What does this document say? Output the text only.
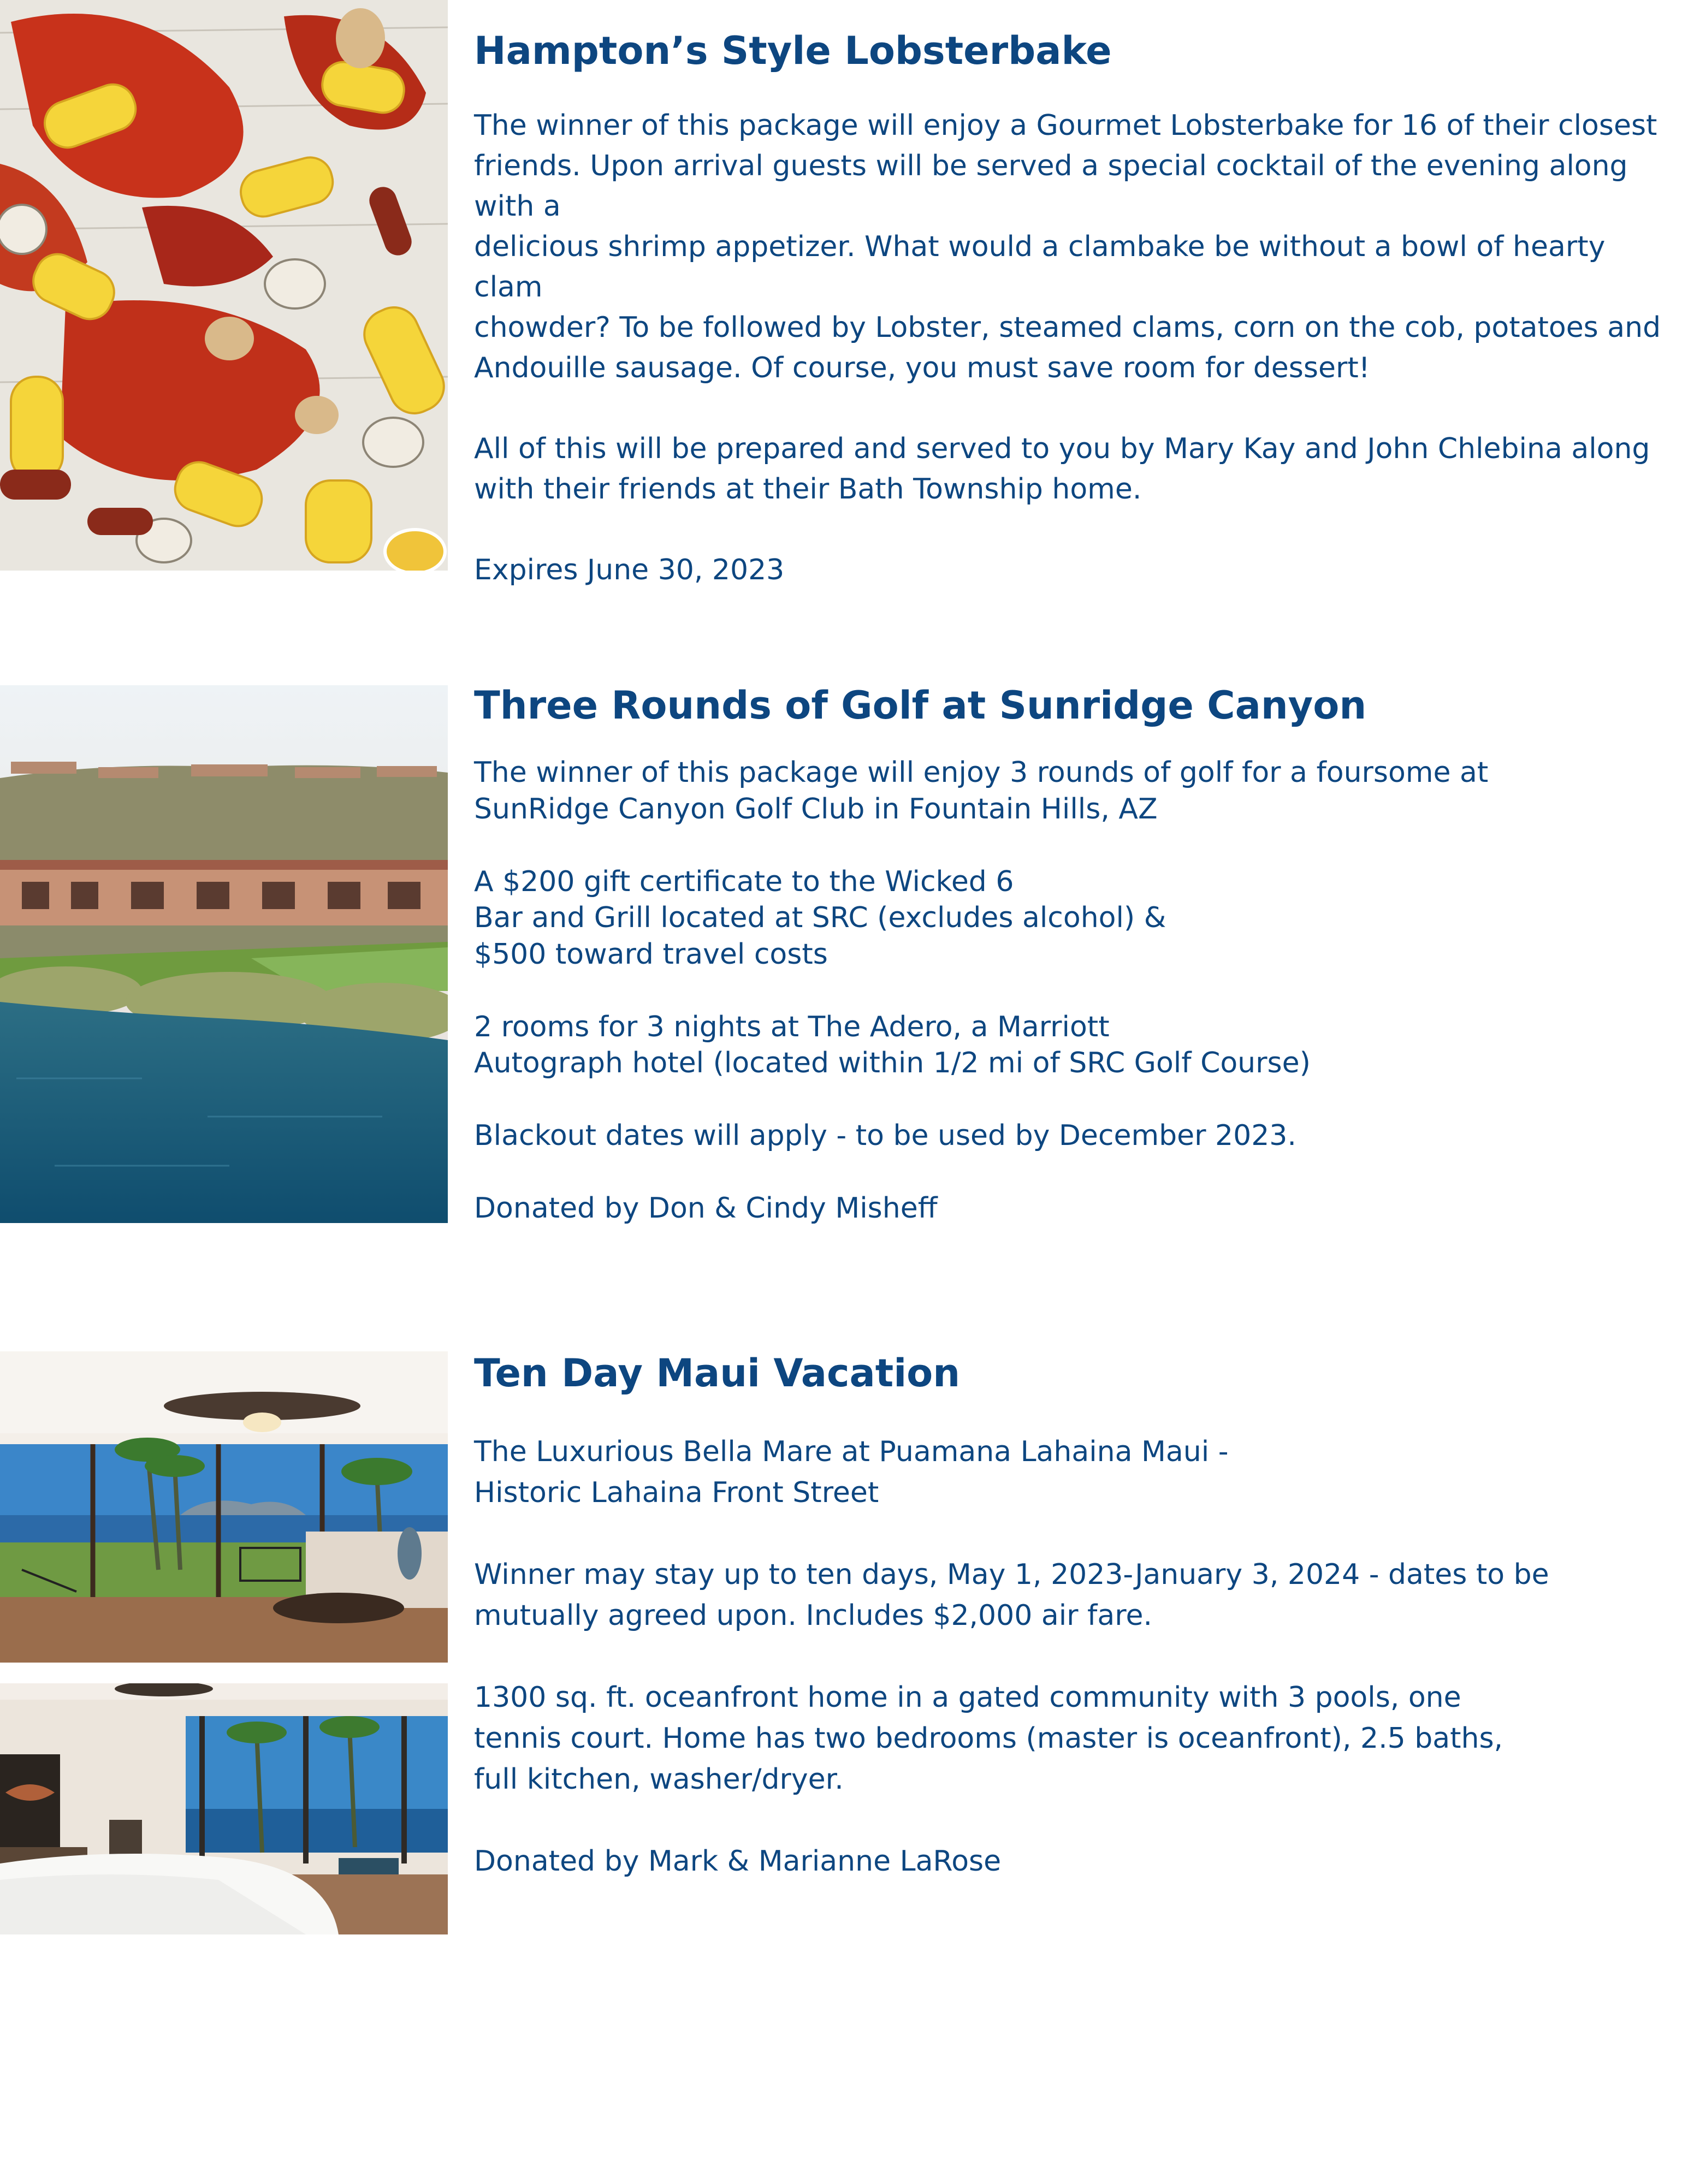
Hampton’s Style Lobsterbake

The winner of this package will enjoy a Gourmet Lobsterbake for 16 of their closest
friends. Upon arrival guests will be served a special cocktail of the evening along with a
delicious shrimp appetizer. What would a clambake be without a bowl of hearty clam
chowder? To be followed by Lobster, steamed clams, corn on the cob, potatoes and
Andouille sausage. Of course, you must save room for dessert!

All of this will be prepared and served to you by Mary Kay and John Chlebina along
with their friends at their Bath Township home.

Expires June 30, 2023

Three Rounds of Golf at Sunridge Canyon

The winner of this package will enjoy 3 rounds of golf for a foursome at
SunRidge Canyon Golf Club in Fountain Hills, AZ

A $200 gift certificate to the Wicked 6
Bar and Grill located at SRC (excludes alcohol) &
$500 toward travel costs

2 rooms for 3 nights at The Adero, a Marriott
Autograph hotel (located within 1/2 mi of SRC Golf Course)

Blackout dates will apply - to be used by December 2023.

Donated by Don & Cindy Misheff

Ten Day Maui Vacation

The Luxurious Bella Mare at Puamana Lahaina Maui -
Historic Lahaina Front Street

Winner may stay up to ten days, May 1, 2023-January 3, 2024 - dates to be
mutually agreed upon. Includes $2,000 air fare.

1300 sq. ft. oceanfront home in a gated community with 3 pools, one
tennis court. Home has two bedrooms (master is oceanfront), 2.5 baths,
full kitchen, washer/dryer.

Donated by Mark & Marianne LaRose
